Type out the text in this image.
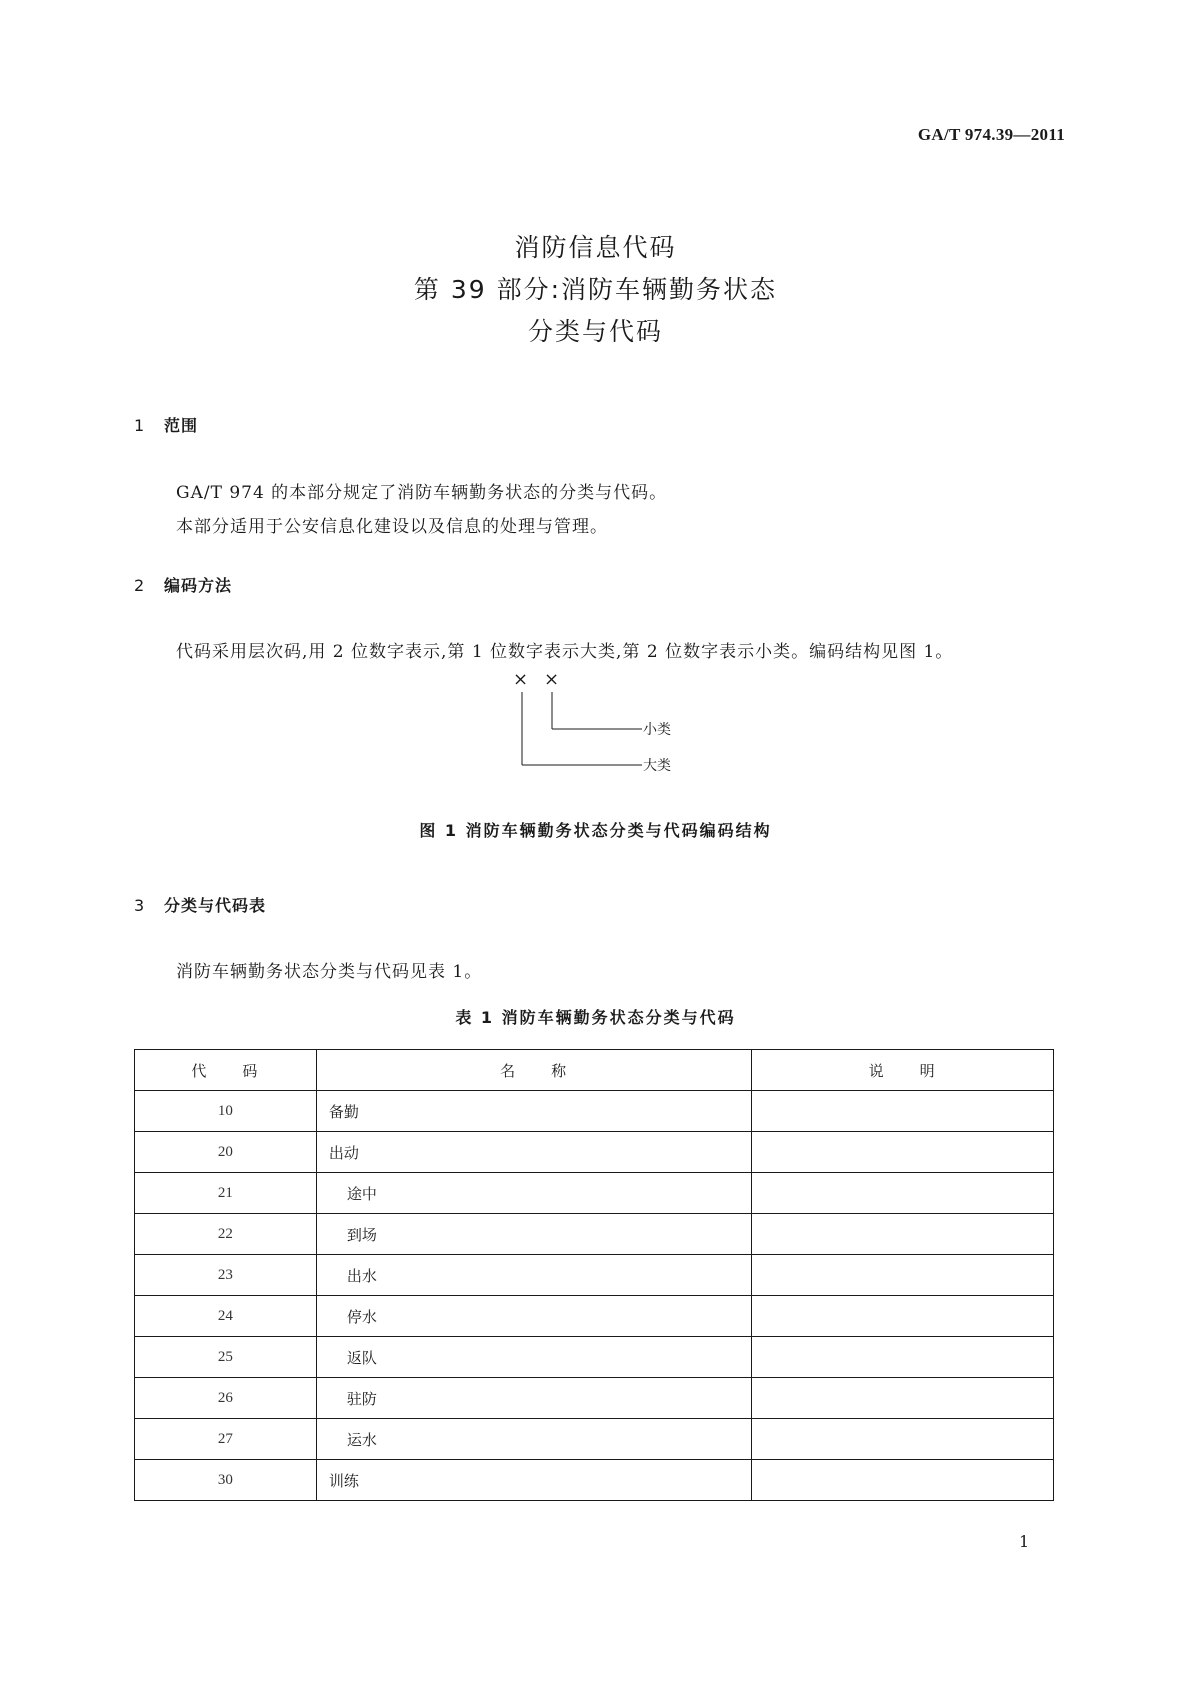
GA/T 974.39—2011
消防信息代码
第 39 部分:消防车辆勤务状态
分类与代码
1 范围
GA/T 974 的本部分规定了消防车辆勤务状态的分类与代码。
本部分适用于公安信息化建设以及信息的处理与管理。
2 编码方法
代码采用层次码,用 2 位数字表示,第 1 位数字表示大类,第 2 位数字表示小类。编码结构见图 1。
× ×
小类
大类
图 1 消防车辆勤务状态分类与代码编码结构
3 分类与代码表
消防车辆勤务状态分类与代码见表 1。
表 1 消防车辆勤务状态分类与代码
代　　码	名　　称	说　　明
10	备勤	
20	出动	
21	途中	
22	到场	
23	出水	
24	停水	
25	返队	
26	驻防	
27	运水	
30	训练	
1
